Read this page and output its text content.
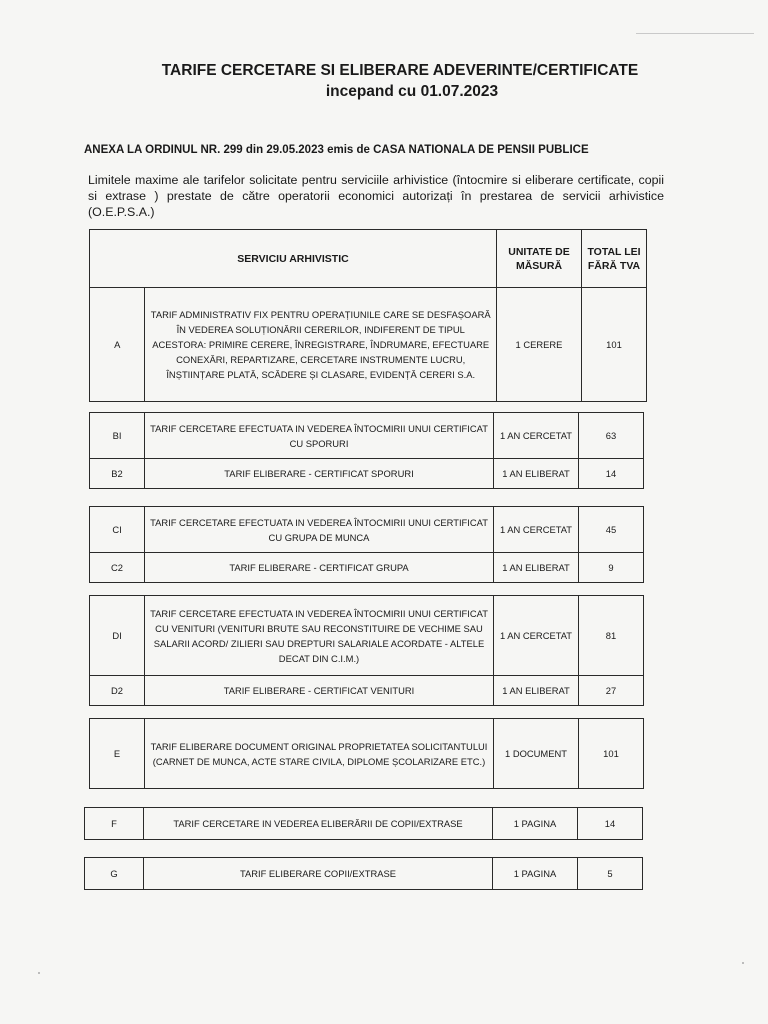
TARIFE CERCETARE SI ELIBERARE ADEVERINTE/CERTIFICATE
incepand cu 01.07.2023
ANEXA LA ORDINUL NR. 299 din 29.05.2023 emis de CASA NATIONALA DE PENSII PUBLICE
Limitele maxime ale tarifelor solicitate pentru serviciile arhivistice (întocmire si eliberare certificate, copii si extrase ) prestate de către operatorii economici autorizați în prestarea de servicii arhivistice (O.E.P.S.A.)
SERVICIU ARHIVISTIC		UNITATE DE MĂSURĂ	TOTAL LEI FĂRĂ TVA
A	TARIF ADMINISTRATIV FIX PENTRU OPERAȚIUNILE CARE SE DESFAȘOARĂ ÎN VEDEREA SOLUȚIONĂRII CERERILOR, INDIFERENT DE TIPUL ACESTORA: PRIMIRE CERERE, ÎNREGISTRARE, ÎNDRUMARE, EFECTUARE CONEXĂRI, REPARTIZARE, CERCETARE INSTRUMENTE LUCRU, ÎNȘTIINȚARE PLATĂ, SCĂDERE ȘI CLASARE, EVIDENȚĂ CERERI S.A.	1 CERERE	101
BI	TARIF CERCETARE EFECTUATA IN VEDEREA ÎNTOCMIRII UNUI CERTIFICAT CU SPORURI	1 AN CERCETAT	63
B2	TARIF ELIBERARE - CERTIFICAT SPORURI	1 AN ELIBERAT	14
CI	TARIF CERCETARE EFECTUATA IN VEDEREA ÎNTOCMIRII UNUI CERTIFICAT CU GRUPA DE MUNCA	1 AN CERCETAT	45
C2	TARIF ELIBERARE - CERTIFICAT GRUPA	1 AN ELIBERAT	9
DI	TARIF CERCETARE EFECTUATA IN VEDEREA ÎNTOCMIRII UNUI CERTIFICAT CU VENITURI (VENITURI BRUTE SAU RECONSTITUIRE DE VECHIME SAU SALARII ACORD/ ZILIERI SAU DREPTURI SALARIALE ACORDATE - ALTELE DECAT DIN C.I.M.)	1 AN CERCETAT	81
D2	TARIF ELIBERARE - CERTIFICAT VENITURI	1 AN ELIBERAT	27
E	TARIF ELIBERARE DOCUMENT ORIGINAL PROPRIETATEA SOLICITANTULUI (CARNET DE MUNCA, ACTE STARE CIVILA, DIPLOME ȘCOLARIZARE ETC.)	1 DOCUMENT	101
F	TARIF CERCETARE IN VEDEREA ELIBERĂRII DE COPII/EXTRASE	1 PAGINA	14
G	TARIF ELIBERARE COPII/EXTRASE	1 PAGINA	5
